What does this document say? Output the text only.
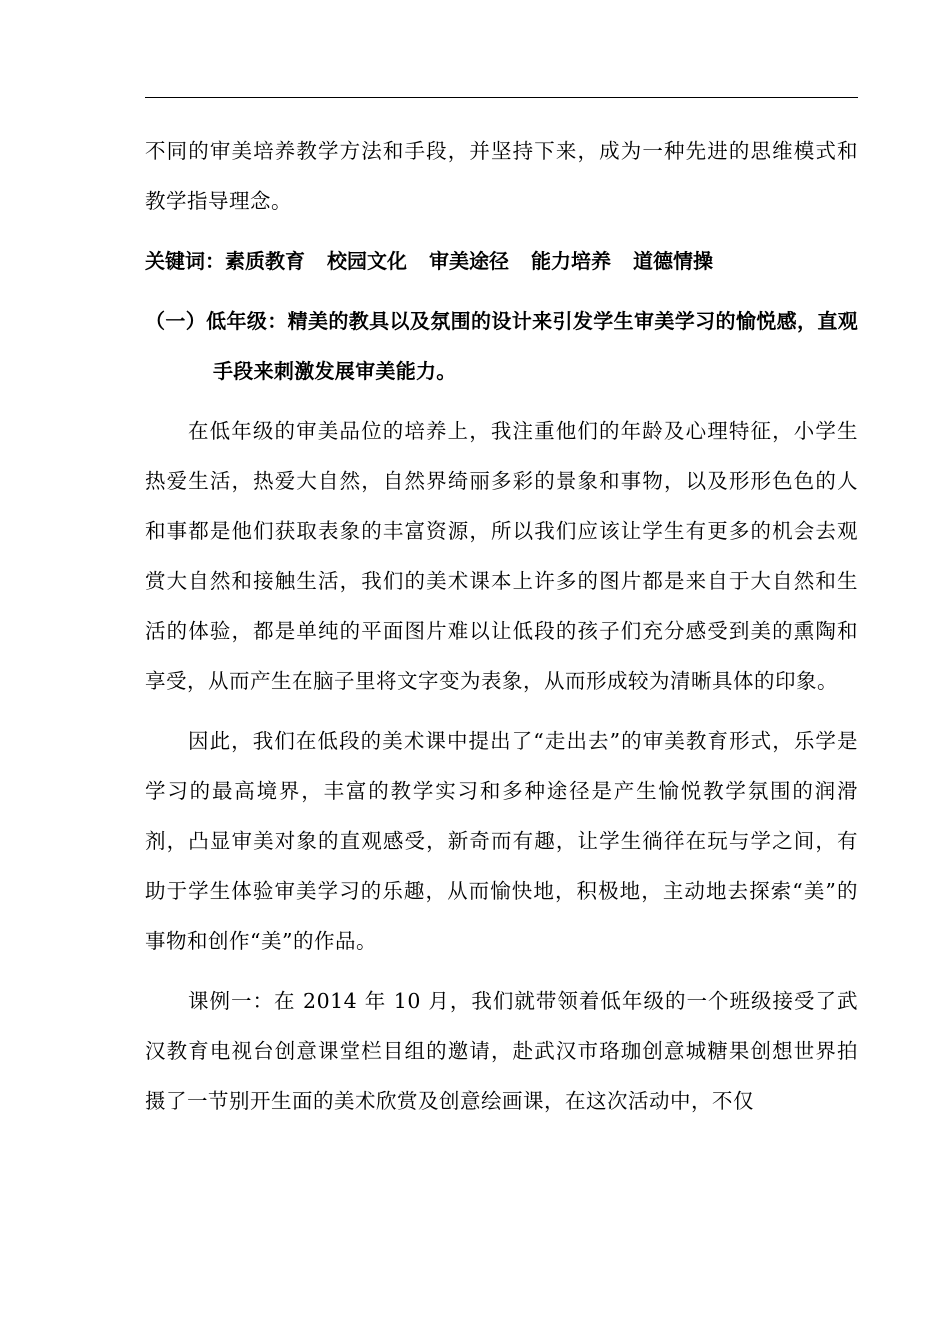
不同的审美培养教学方法和手段，并坚持下来，成为一种先进的思维模式和教学指导理念。

关键词：素质教育 校园文化 审美途径 能力培养 道德情操

（一）低年级：精美的教具以及氛围的设计来引发学生审美学习的愉悦感，直观手段来刺激发展审美能力。

在低年级的审美品位的培养上，我注重他们的年龄及心理特征，小学生热爱生活，热爱大自然，自然界绮丽多彩的景象和事物，以及形形色色的人和事都是他们获取表象的丰富资源，所以我们应该让学生有更多的机会去观赏大自然和接触生活，我们的美术课本上许多的图片都是来自于大自然和生活的体验，都是单纯的平面图片难以让低段的孩子们充分感受到美的熏陶和享受，从而产生在脑子里将文字变为表象，从而形成较为清晰具体的印象。

因此，我们在低段的美术课中提出了“走出去”的审美教育形式，乐学是学习的最高境界，丰富的教学实习和多种途径是产生愉悦教学氛围的润滑剂，凸显审美对象的直观感受，新奇而有趣，让学生徜徉在玩与学之间，有助于学生体验审美学习的乐趣，从而愉快地，积极地，主动地去探索“美”的事物和创作“美”的作品。

课例一：在 2014 年 10 月，我们就带领着低年级的一个班级接受了武汉教育电视台创意课堂栏目组的邀请，赴武汉市珞珈创意城糖果创想世界拍摄了一节别开生面的美术欣赏及创意绘画课，在这次活动中，不仅
